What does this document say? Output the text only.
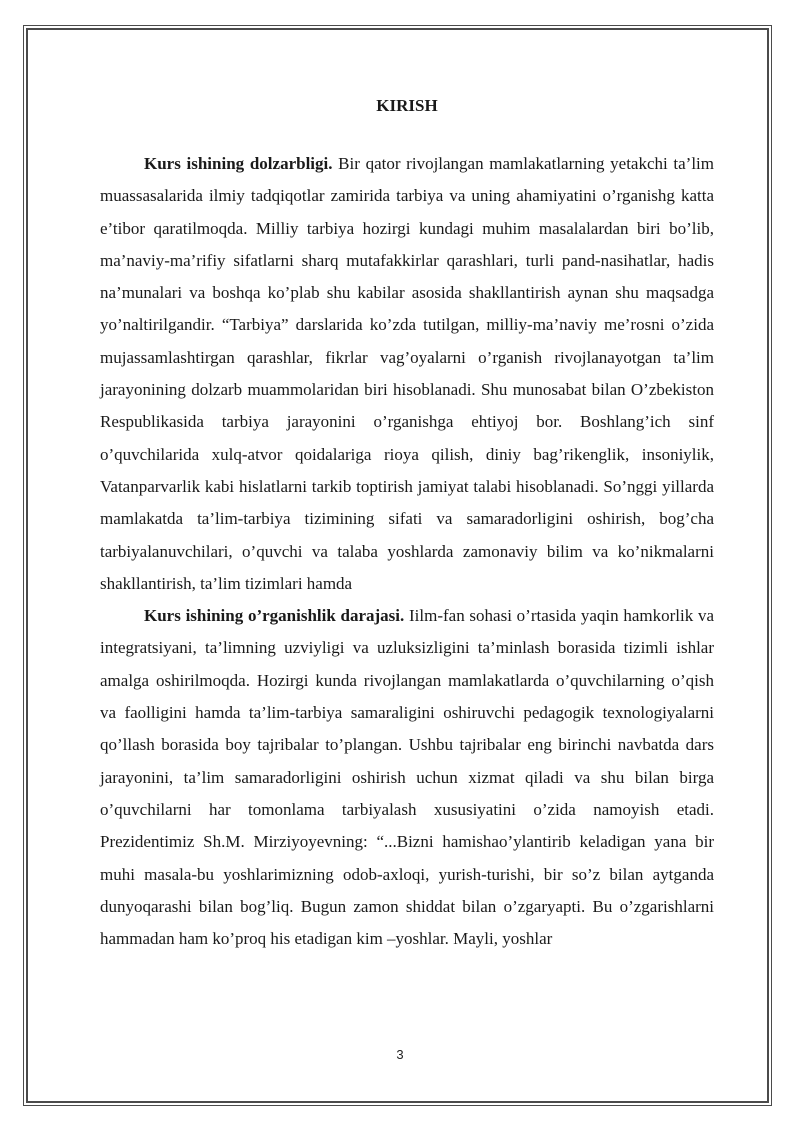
KIRISH

Kurs ishining dolzarbligi. Bir qator rivojlangan mamlakatlarning yetakchi ta’lim muassasalarida ilmiy tadqiqotlar zamirida tarbiya va uning ahamiyatini o’rganishg katta e’tibor qaratilmoqda. Milliy tarbiya hozirgi kundagi muhim masalalardan biri bo’lib, ma’naviy-ma’rifiy sifatlarni sharq mutafakkirlar qarashlari, turli pand-nasihatlar, hadis na’munalari va boshqa ko’plab shu kabilar asosida shakllantirish aynan shu maqsadga yo’naltirilgandir. “Tarbiya” darslarida ko’zda tutilgan, milliy-ma’naviy me’rosni o’zida mujassamlashtirgan qarashlar, fikrlar vag’oyalarni o’rganish rivojlanayotgan ta’lim jarayonining dolzarb muammolaridan biri hisoblanadi. Shu munosabat bilan O’zbekiston Respublikasida tarbiya jarayonini o’rganishga ehtiyoj bor. Boshlang’ich sinf o’quvchilarida xulq-atvor qoidalariga rioya qilish, diniy bag’rikenglik, insoniylik, Vatanparvarlik kabi hislatlarni tarkib toptirish jamiyat talabi hisoblanadi. So’nggi yillarda mamlakatda ta’lim-tarbiya tizimining sifati va samaradorligini oshirish, bog’cha tarbiyalanuvchilari, o’quvchi va talaba yoshlarda zamonaviy bilim va ko’nikmalarni shakllantirish, ta’lim tizimlari hamda

Kurs ishining o’rganishlik darajasi. Iilm-fan sohasi o’rtasida yaqin hamkorlik va integratsiyani, ta’limning uzviyligi va uzluksizligini ta’minlash borasida tizimli ishlar amalga oshirilmoqda. Hozirgi kunda rivojlangan mamlakatlarda o’quvchilarning o’qish va faolligini hamda ta’lim-tarbiya samaraligini oshiruvchi pedagogik texnologiyalarni qo’llash borasida boy tajribalar to’plangan. Ushbu tajribalar eng birinchi navbatda dars jarayonini, ta’lim samaradorligini oshirish uchun xizmat qiladi va shu bilan birga o’quvchilarni har tomonlama tarbiyalash xususiyatini o’zida namoyish etadi. Prezidentimiz Sh.M. Mirziyoyevning: “...Bizni hamishao’ylantirib keladigan yana bir muhi masala-bu yoshlarimizning odob-axloqi, yurish-turishi, bir so’z bilan aytganda dunyoqarashi bilan bog’liq. Bugun zamon shiddat bilan o’zgaryapti. Bu o’zgarishlarni hammadan ham ko’proq his etadigan kim –yoshlar. Mayli, yoshlar

3
